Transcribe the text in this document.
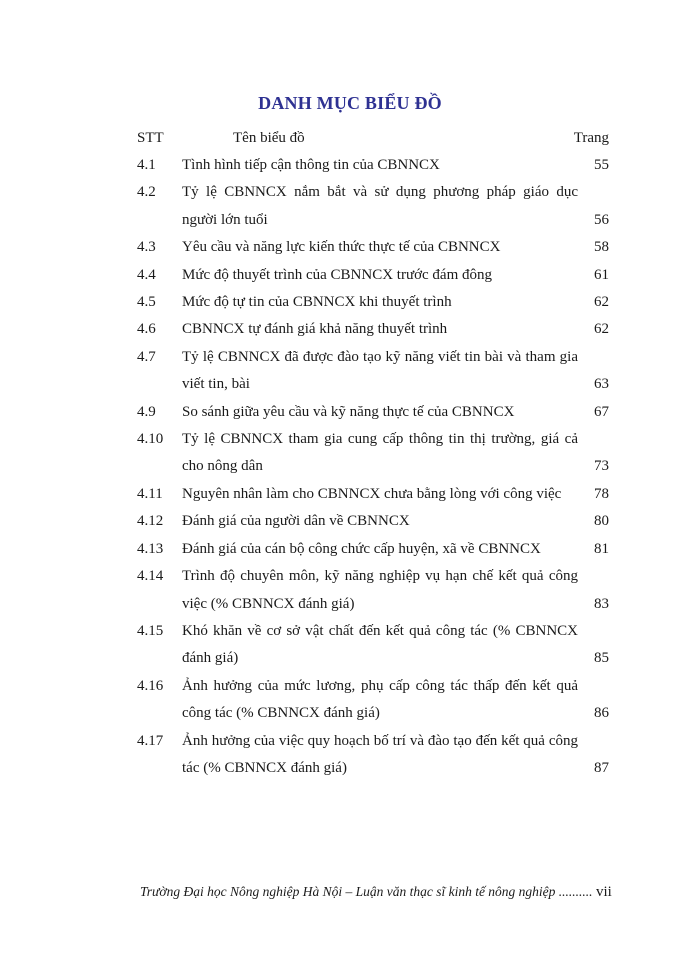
DANH MỤC BIỂU ĐỒ
STT	Tên biểu đồ	Trang
4.1 Tình hình tiếp cận thông tin của CBNNCX	55
4.2 Tỷ lệ CBNNCX nắm bắt và sử dụng phương pháp giáo dục
người lớn tuổi	56
4.3 Yêu cầu và năng lực kiến thức thực tế của CBNNCX	58
4.4 Mức độ thuyết trình của CBNNCX trước đám đông	61
4.5 Mức độ tự tin của CBNNCX khi thuyết trình	62
4.6 CBNNCX tự đánh giá khả năng thuyết trình	62
4.7 Tỷ lệ CBNNCX đã được đào tạo kỹ năng viết tin bài và tham gia
viết tin, bài	63
4.9 So sánh giữa yêu cầu và kỹ năng thực tế của CBNNCX	67
4.10 Tỷ lệ CBNNCX tham gia cung cấp thông tin thị trường, giá cả
cho nông dân	73
4.11 Nguyên nhân làm cho CBNNCX chưa bằng lòng với công việc	78
4.12 Đánh giá của người dân về CBNNCX	80
4.13 Đánh giá của cán bộ công chức cấp huyện, xã về CBNNCX	81
4.14 Trình độ chuyên môn, kỹ năng nghiệp vụ hạn chế kết quả công
việc (% CBNNCX đánh giá)	83
4.15 Khó khăn về cơ sở vật chất đến kết quả công tác (% CBNNCX
đánh giá)	85
4.16 Ảnh hưởng của mức lương, phụ cấp công tác thấp đến kết quả
công tác (% CBNNCX đánh giá)	86
4.17 Ảnh hưởng của việc quy hoạch bố trí và đào tạo đến kết quả công
tác (% CBNNCX đánh giá)	87
Trường Đại học Nông nghiệp Hà Nội – Luận văn thạc sĩ kinh tế nông nghiệp .......... vii
